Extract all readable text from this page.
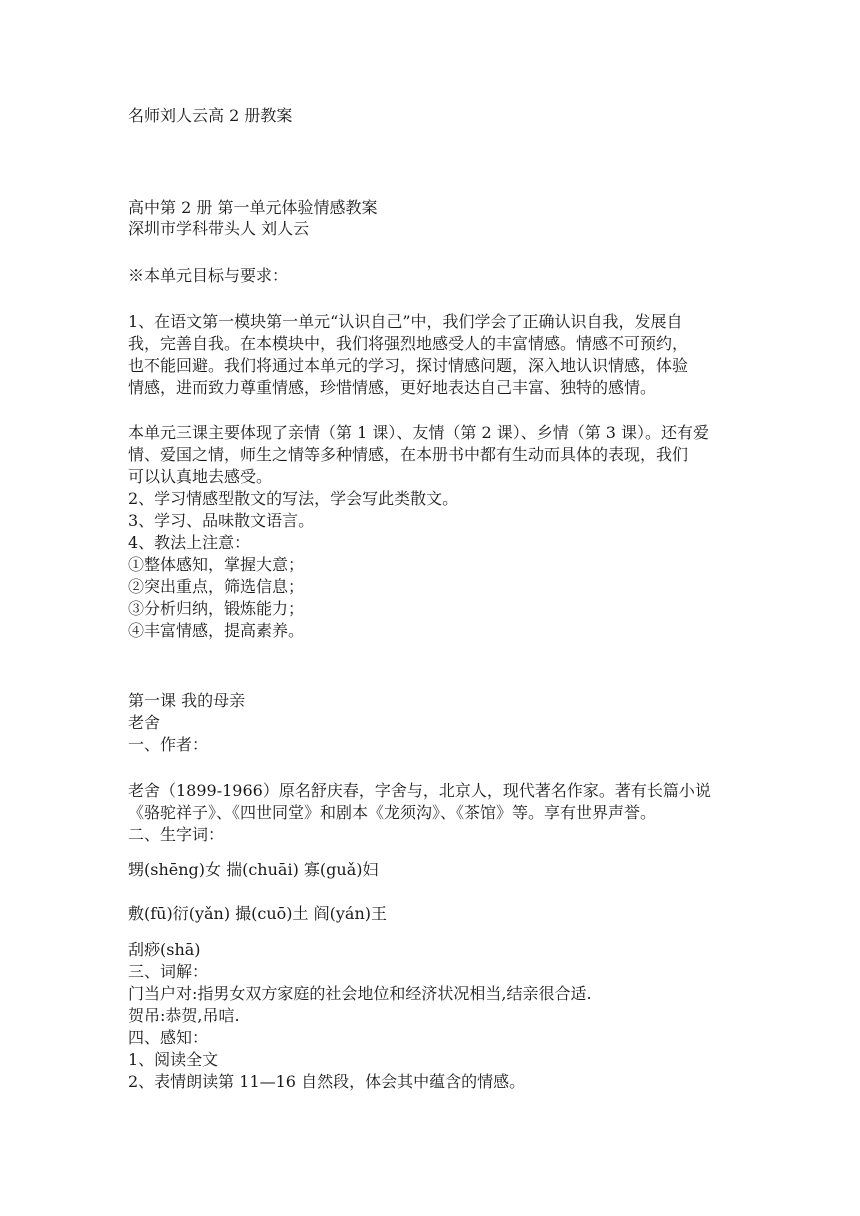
名师刘人云高 2 册教案
高中第 2 册 第一单元体验情感教案
深圳市学科带头人 刘人云
※本单元目标与要求：
1、在语文第一模块第一单元“认识自己”中，我们学会了正确认识自我，发展自
我，完善自我。在本模块中，我们将强烈地感受人的丰富情感。情感不可预约，
也不能回避。我们将通过本单元的学习，探讨情感问题，深入地认识情感，体验
情感，进而致力尊重情感，珍惜情感，更好地表达自己丰富、独特的感情。
本单元三课主要体现了亲情（第 1 课）、友情（第 2 课）、乡情（第 3 课）。还有爱
情、爱国之情，师生之情等多种情感，在本册书中都有生动而具体的表现，我们
可以认真地去感受。
2、学习情感型散文的写法，学会写此类散文。
3、学习、品味散文语言。
4、教法上注意：
①整体感知，掌握大意；
②突出重点，筛选信息；
③分析归纳，锻炼能力；
④丰富情感，提高素养。
第一课 我的母亲
老舍
一、作者：
老舍（1899-1966）原名舒庆春，字舍与，北京人，现代著名作家。著有长篇小说
《骆驼祥子》、《四世同堂》和剧本《龙须沟》、《茶馆》等。享有世界声誉。
二、生字词：
甥(shēng)女 揣(chuāi) 寡(guǎ)妇
敷(fū)衍(yǎn) 撮(cuō)土 阎(yán)王
刮痧(shā)
三、词解：
门当户对:指男女双方家庭的社会地位和经济状况相当,结亲很合适.
贺吊:恭贺,吊唁.
四、感知：
1、阅读全文
2、表情朗读第 11—16 自然段，体会其中蕴含的情感。
